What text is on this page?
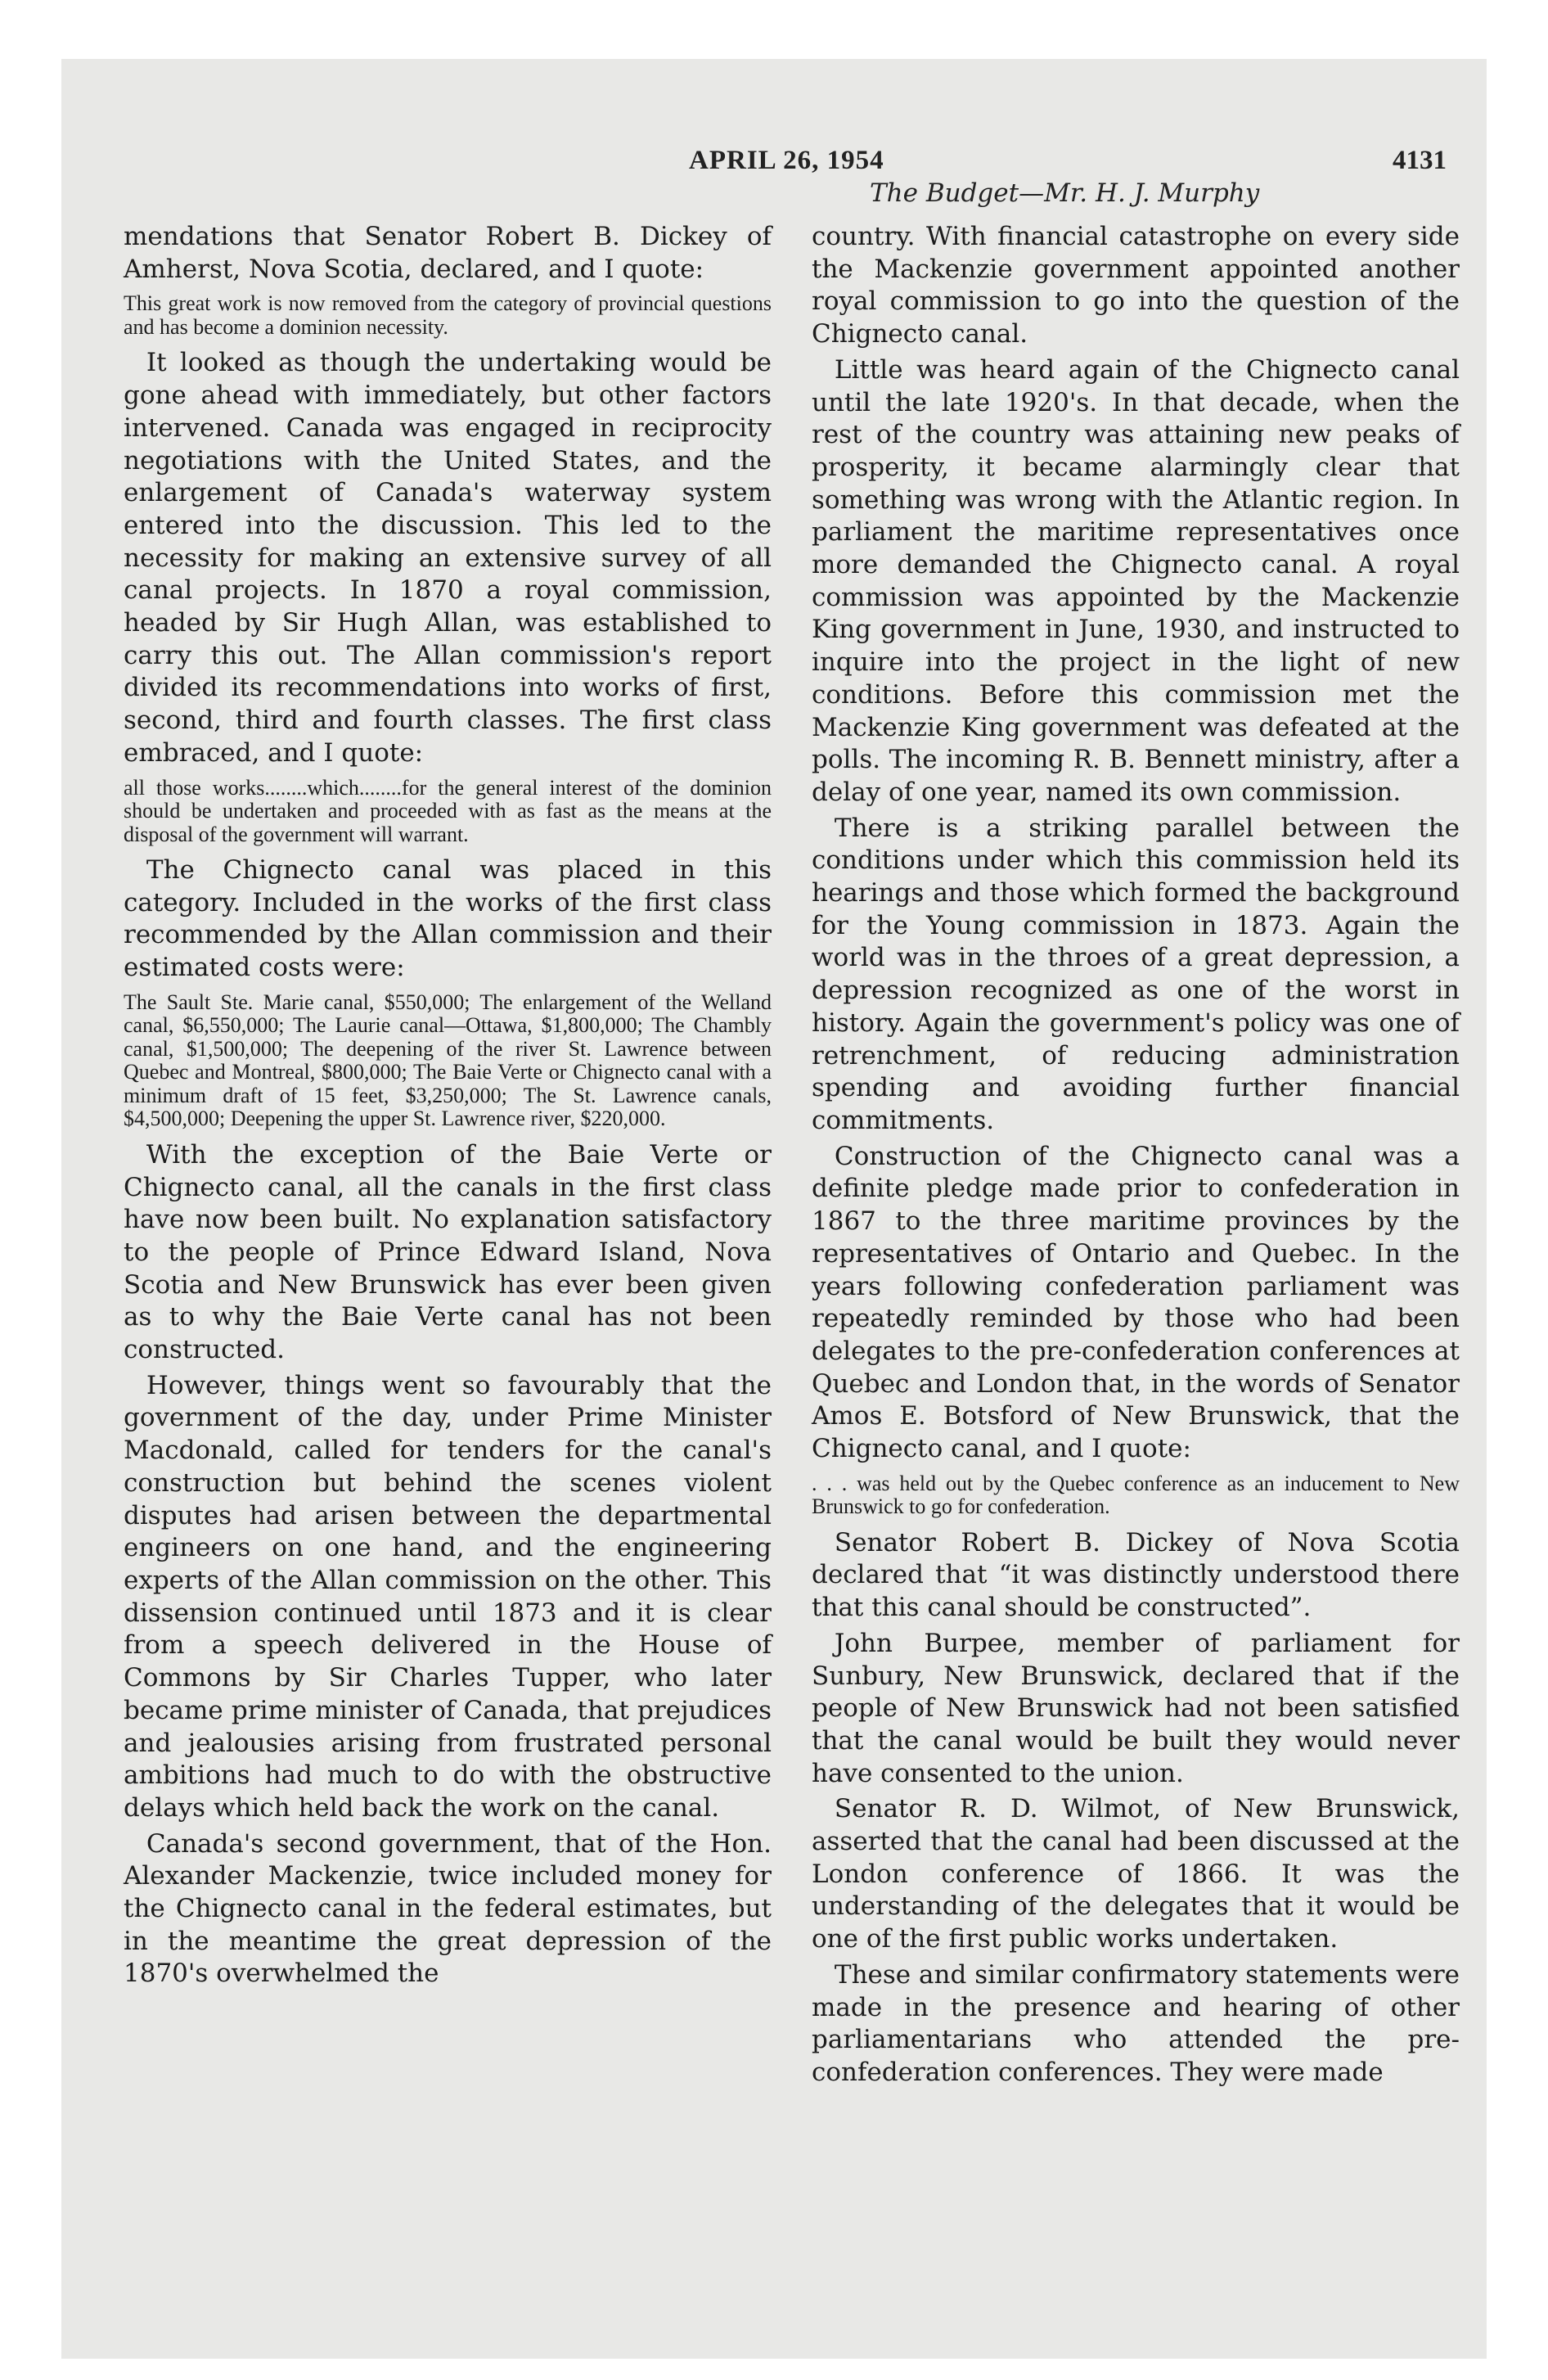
APRIL 26, 1954	4131
The Budget—Mr. H. J. Murphy

mendations that Senator Robert B. Dickey of Amherst, Nova Scotia, declared, and I quote:

This great work is now removed from the category of provincial questions and has become a dominion necessity.

It looked as though the undertaking would be gone ahead with immediately, but other factors intervened. Canada was engaged in reciprocity negotiations with the United States, and the enlargement of Canada's waterway system entered into the discussion. This led to the necessity for making an extensive survey of all canal projects. In 1870 a royal commission, headed by Sir Hugh Allan, was established to carry this out. The Allan commission's report divided its recommendations into works of first, second, third and fourth classes. The first class embraced, and I quote:

all those works........which........for the general interest of the dominion should be undertaken and proceeded with as fast as the means at the disposal of the government will warrant.

The Chignecto canal was placed in this category. Included in the works of the first class recommended by the Allan commission and their estimated costs were:

The Sault Ste. Marie canal, $550,000; The enlargement of the Welland canal, $6,550,000; The Laurie canal—Ottawa, $1,800,000; The Chambly canal, $1,500,000; The deepening of the river St. Lawrence between Quebec and Montreal, $800,000; The Baie Verte or Chignecto canal with a minimum draft of 15 feet, $3,250,000; The St. Lawrence canals, $4,500,000; Deepening the upper St. Lawrence river, $220,000.

With the exception of the Baie Verte or Chignecto canal, all the canals in the first class have now been built. No explanation satisfactory to the people of Prince Edward Island, Nova Scotia and New Brunswick has ever been given as to why the Baie Verte canal has not been constructed.

However, things went so favourably that the government of the day, under Prime Minister Macdonald, called for tenders for the canal's construction but behind the scenes violent disputes had arisen between the departmental engineers on one hand, and the engineering experts of the Allan commission on the other. This dissension continued until 1873 and it is clear from a speech delivered in the House of Commons by Sir Charles Tupper, who later became prime minister of Canada, that prejudices and jealousies arising from frustrated personal ambitions had much to do with the obstructive delays which held back the work on the canal.

Canada's second government, that of the Hon. Alexander Mackenzie, twice included money for the Chignecto canal in the federal estimates, but in the meantime the great depression of the 1870's overwhelmed the

country. With financial catastrophe on every side the Mackenzie government appointed another royal commission to go into the question of the Chignecto canal.

Little was heard again of the Chignecto canal until the late 1920's. In that decade, when the rest of the country was attaining new peaks of prosperity, it became alarmingly clear that something was wrong with the Atlantic region. In parliament the maritime representatives once more demanded the Chignecto canal. A royal commission was appointed by the Mackenzie King government in June, 1930, and instructed to inquire into the project in the light of new conditions. Before this commission met the Mackenzie King government was defeated at the polls. The incoming R. B. Bennett ministry, after a delay of one year, named its own commission.

There is a striking parallel between the conditions under which this commission held its hearings and those which formed the background for the Young commission in 1873. Again the world was in the throes of a great depression, a depression recognized as one of the worst in history. Again the government's policy was one of retrenchment, of reducing administration spending and avoiding further financial commitments.

Construction of the Chignecto canal was a definite pledge made prior to confederation in 1867 to the three maritime provinces by the representatives of Ontario and Quebec. In the years following confederation parliament was repeatedly reminded by those who had been delegates to the pre-confederation conferences at Quebec and London that, in the words of Senator Amos E. Botsford of New Brunswick, that the Chignecto canal, and I quote:

. . . was held out by the Quebec conference as an inducement to New Brunswick to go for confederation.

Senator Robert B. Dickey of Nova Scotia declared that “it was distinctly understood there that this canal should be constructed”.

John Burpee, member of parliament for Sunbury, New Brunswick, declared that if the people of New Brunswick had not been satisfied that the canal would be built they would never have consented to the union.

Senator R. D. Wilmot, of New Brunswick, asserted that the canal had been discussed at the London conference of 1866. It was the understanding of the delegates that it would be one of the first public works undertaken.

These and similar confirmatory statements were made in the presence and hearing of other parliamentarians who attended the pre-confederation conferences. They were made
